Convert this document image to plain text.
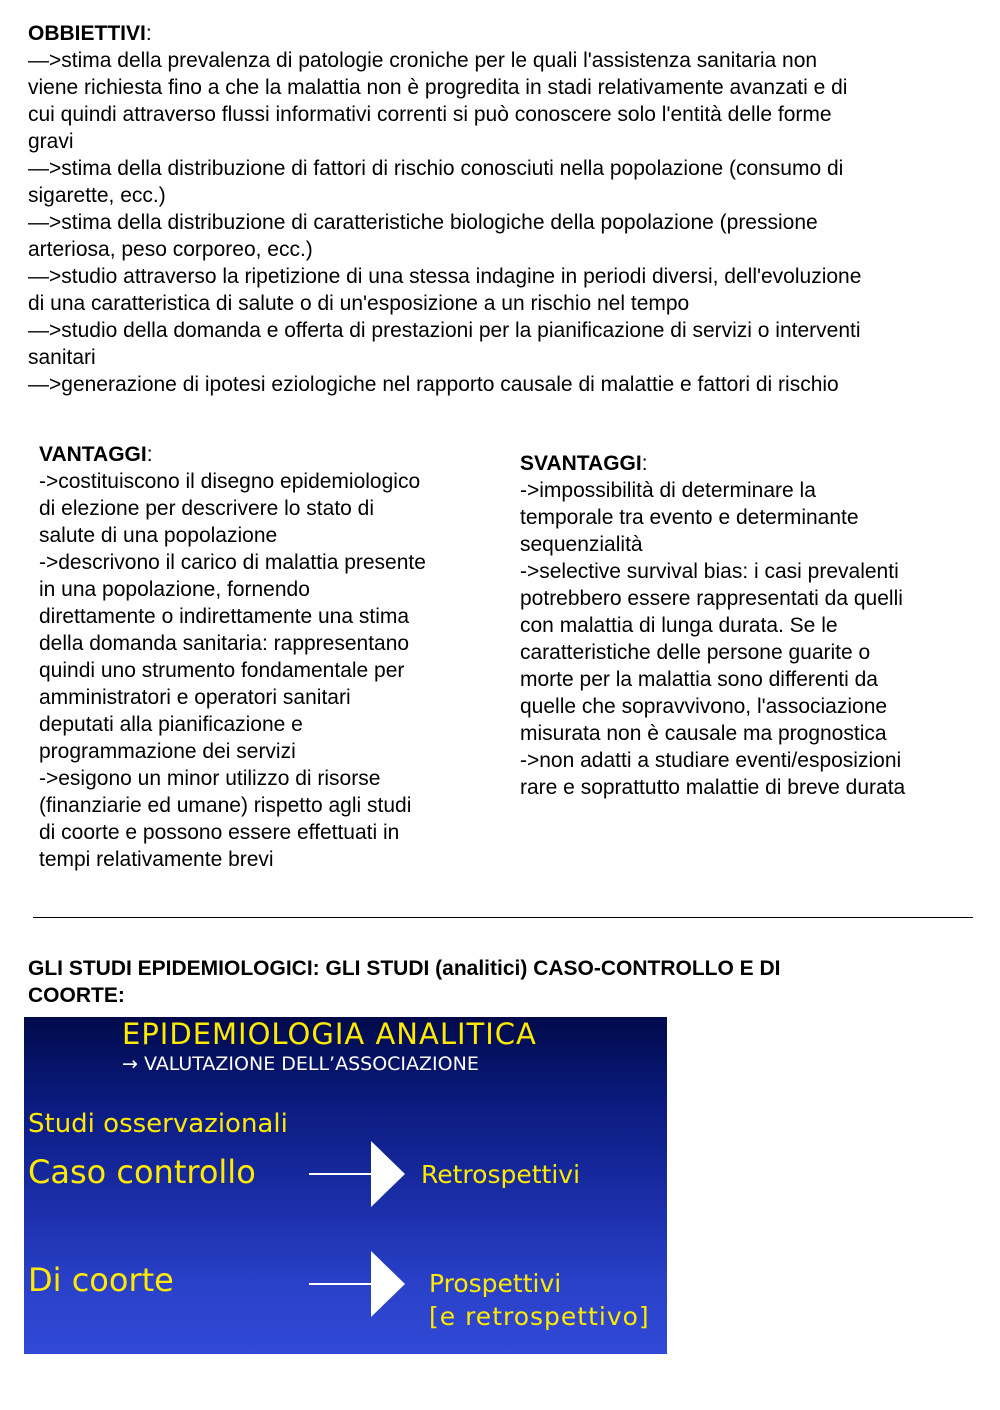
OBBIETTIVI:
—>stima della prevalenza di patologie croniche per le quali l'assistenza sanitaria non
viene richiesta fino a che la malattia non è progredita in stadi relativamente avanzati e di
cui quindi attraverso flussi informativi correnti si può conoscere solo l'entità delle forme
gravi
—>stima della distribuzione di fattori di rischio conosciuti nella popolazione (consumo di
sigarette, ecc.)
—>stima della distribuzione di caratteristiche biologiche della popolazione (pressione
arteriosa, peso corporeo, ecc.)
—>studio attraverso la ripetizione di una stessa indagine in periodi diversi, dell'evoluzione
di una caratteristica di salute o di un'esposizione a un rischio nel tempo
—>studio della domanda e offerta di prestazioni per la pianificazione di servizi o interventi
sanitari
—>generazione di ipotesi eziologiche nel rapporto causale di malattie e fattori di rischio
VANTAGGI:
->costituiscono il disegno epidemiologico
di elezione per descrivere lo stato di
salute di una popolazione
->descrivono il carico di malattia presente
in una popolazione, fornendo
direttamente o indirettamente una stima
della domanda sanitaria: rappresentano
quindi uno strumento fondamentale per
amministratori e operatori sanitari
deputati alla pianificazione e
programmazione dei servizi
->esigono un minor utilizzo di risorse
(finanziarie ed umane) rispetto agli studi
di coorte e possono essere effettuati in
tempi relativamente brevi
SVANTAGGI:
->impossibilità di determinare la
temporale tra evento e determinante
sequenzialità
->selective survival bias: i casi prevalenti
potrebbero essere rappresentati da quelli
con malattia di lunga durata. Se le
caratteristiche delle persone guarite o
morte per la malattia sono differenti da
quelle che sopravvivono, l'associazione
misurata non è causale ma prognostica
->non adatti a studiare eventi/esposizioni
rare e soprattutto malattie di breve durata
GLI STUDI EPIDEMIOLOGICI: GLI STUDI (analitici) CASO-CONTROLLO E DI
COORTE:
EPIDEMIOLOGIA ANALITICA
→ VALUTAZIONE DELL’ASSOCIAZIONE
Studi osservazionali
Caso controllo	Retrospettivi
Di coorte	Prospettivi
[e retrospettivo]
